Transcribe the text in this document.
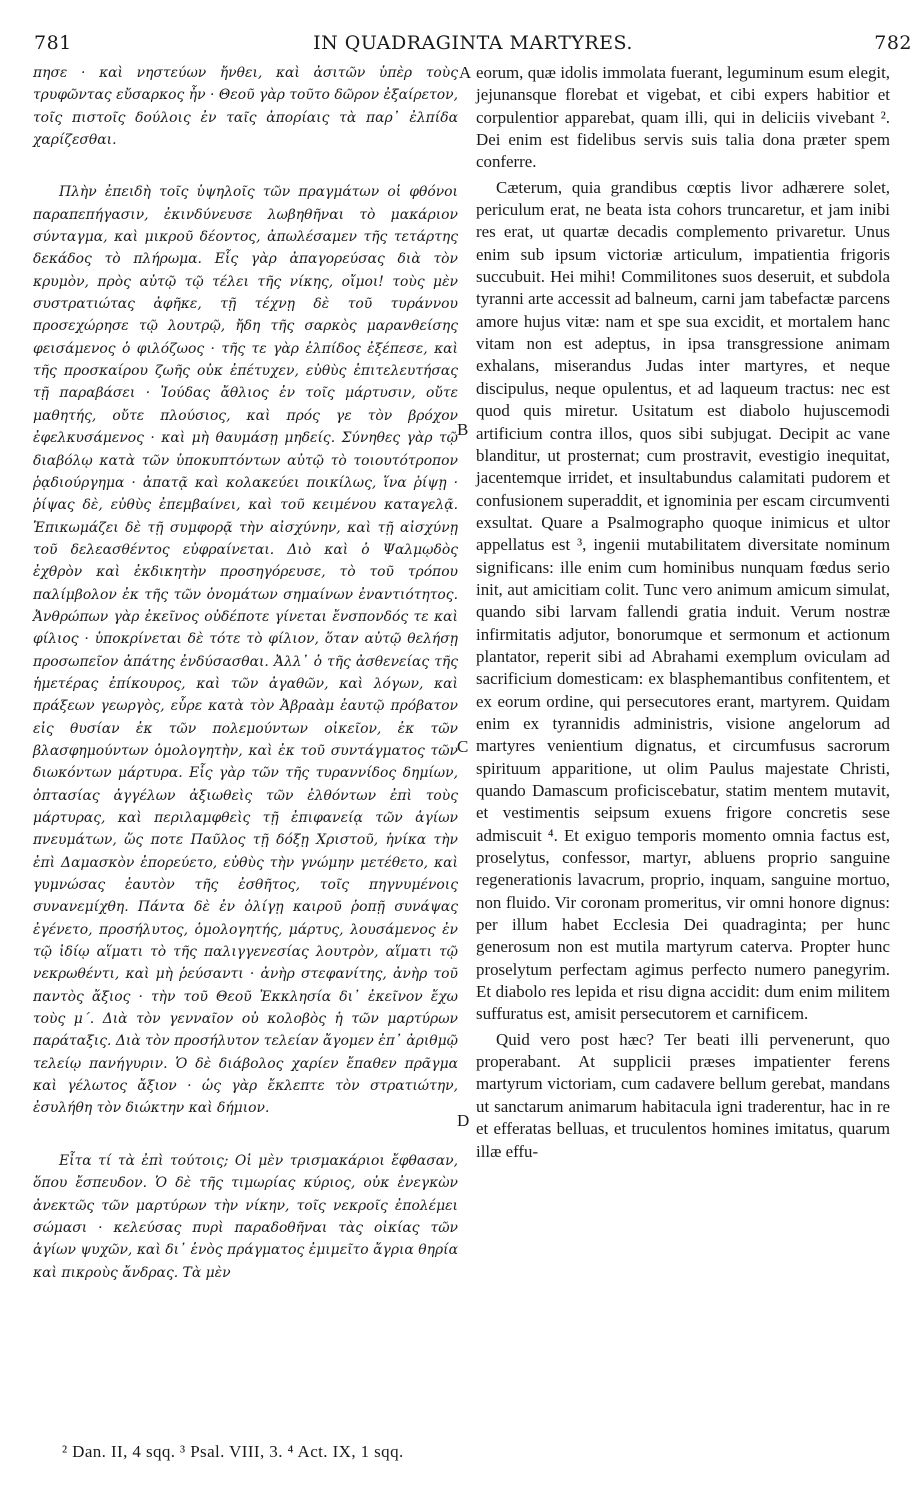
781	IN QUADRAGINTA MARTYRES.	782

πησε · καὶ νηστεύων ἤνθει, καὶ ἀσιτῶν ὑπὲρ τοὺς τρυφῶντας εὔσαρκος ἦν · Θεοῦ γὰρ τοῦτο δῶρον ἐξαίρετον, τοῖς πιστοῖς δούλοις ἐν ταῖς ἀπορίαις τὰ παρ᾿ ἐλπίδα χαρίζεσθαι.

Πλὴν ἐπειδὴ τοῖς ὑψηλοῖς τῶν πραγμάτων οἱ φθόνοι παραπεπήγασιν, ἐκινδύνευσε λωβηθῆναι τὸ μακάριον σύνταγμα, καὶ μικροῦ δέοντος, ἀπωλέσαμεν τῆς τετάρτης δεκάδος τὸ πλήρωμα. Εἷς γὰρ ἀπαγορεύσας διὰ τὸν κρυμὸν, πρὸς αὐτῷ τῷ τέλει τῆς νίκης, οἴμοι! τοὺς μὲν συστρατιώτας ἀφῆκε, τῇ τέχνῃ δὲ τοῦ τυράννου προσεχώρησε τῷ λουτρῷ, ἤδη τῆς σαρκὸς μαρανθείσης φεισάμενος ὁ φιλόζωος · τῆς τε γὰρ ἐλπίδος ἐξέπεσε, καὶ τῆς προσκαίρου ζωῆς οὐκ ἐπέτυχεν, εὐθὺς ἐπιτελευτήσας τῇ παραβάσει · Ἰούδας ἄθλιος ἐν τοῖς μάρτυσιν, οὔτε μαθητής, οὔτε πλούσιος, καὶ πρός γε τὸν βρόχον ἐφελκυσάμενος · καὶ μὴ θαυμάσῃ μηδείς. Σύνηθες γὰρ τῷ διαβόλῳ κατὰ τῶν ὑποκυπτόντων αὐτῷ τὸ τοιουτότροπον ῥᾳδιούργημα · ἀπατᾷ καὶ κολακεύει ποικίλως, ἵνα ῥίψῃ · ῥίψας δὲ, εὐθὺς ἐπεμβαίνει, καὶ τοῦ κειμένου καταγελᾷ. Ἐπικωμάζει δὲ τῇ συμφορᾷ τὴν αἰσχύνην, καὶ τῇ αἰσχύνῃ τοῦ δελεασθέντος εὐφραίνεται. Διὸ καὶ ὁ Ψαλμῳδὸς ἐχθρὸν καὶ ἐκδικητὴν προσηγόρευσε, τὸ τοῦ τρόπου παλίμβολον ἐκ τῆς τῶν ὀνομάτων σημαίνων ἐναντιότητος. Ἀνθρώπων γὰρ ἐκεῖνος οὐδέποτε γίνεται ἔνσπονδός τε καὶ φίλιος · ὑποκρίνεται δὲ τότε τὸ φίλιον, ὅταν αὐτῷ θελήσῃ προσωπεῖον ἀπάτης ἐνδύσασθαι. Ἀλλ᾿ ὁ τῆς ἀσθενείας τῆς ἡμετέρας ἐπίκουρος, καὶ τῶν ἀγαθῶν, καὶ λόγων, καὶ πράξεων γεωργὸς, εὗρε κατὰ τὸν Ἀβραὰμ ἑαυτῷ πρόβατον εἰς θυσίαν ἐκ τῶν πολεμούντων οἰκεῖον, ἐκ τῶν βλασφημούντων ὁμολογητὴν, καὶ ἐκ τοῦ συντάγματος τῶν διωκόντων μάρτυρα. Εἷς γὰρ τῶν τῆς τυραννίδος δημίων, ὀπτασίας ἀγγέλων ἀξιωθεὶς τῶν ἐλθόντων ἐπὶ τοὺς μάρτυρας, καὶ περιλαμφθεὶς τῇ ἐπιφανείᾳ τῶν ἁγίων πνευμάτων, ὥς ποτε Παῦλος τῇ δόξῃ Χριστοῦ, ἡνίκα τὴν ἐπὶ Δαμασκὸν ἐπορεύετο, εὐθὺς τὴν γνώμην μετέθετο, καὶ γυμνώσας ἑαυτὸν τῆς ἐσθῆτος, τοῖς πηγνυμένοις συνανεμίχθη. Πάντα δὲ ἐν ὀλίγῃ καιροῦ ῥοπῇ συνάψας ἐγένετο, προσήλυτος, ὁμολογητής, μάρτυς, λουσάμενος ἐν τῷ ἰδίῳ αἵματι τὸ τῆς παλιγγενεσίας λουτρὸν, αἵματι τῷ νεκρωθέντι, καὶ μὴ ῥεύσαντι · ἀνὴρ στεφανίτης, ἀνὴρ τοῦ παντὸς ἄξιος · τὴν τοῦ Θεοῦ Ἐκκλησία δι᾿ ἐκεῖνον ἔχω τοὺς μ΄. Διὰ τὸν γενναῖον οὐ κολοβὸς ἡ τῶν μαρτύρων παράταξις. Διὰ τὸν προσήλυτον τελείαν ἄγομεν ἐπ᾿ ἀριθμῷ τελείῳ πανήγυριν. Ὁ δὲ διάβολος χαρίεν ἔπαθεν πρᾶγμα καὶ γέλωτος ἄξιον · ὡς γὰρ ἔκλεπτε τὸν στρατιώτην, ἐσυλήθη τὸν διώκτην καὶ δήμιον.

Εἶτα τί τὰ ἐπὶ τούτοις; Οἱ μὲν τρισμακάριοι ἔφθασαν, ὅπου ἔσπευδον. Ὁ δὲ τῆς τιμωρίας κύριος, οὐκ ἐνεγκὼν ἀνεκτῶς τῶν μαρτύρων τὴν νίκην, τοῖς νεκροῖς ἐπολέμει σώμασι · κελεύσας πυρὶ παραδοθῆναι τὰς οἰκίας τῶν ἁγίων ψυχῶν, καὶ δι᾿ ἑνὸς πράγματος ἐμιμεῖτο ἄγρια θηρία καὶ πικροὺς ἄνδρας. Τὰ μὲν

A
B
C
D

eorum, quæ idolis immolata fuerant, leguminum esum elegit, jejunansque florebat et vigebat, et cibi expers habitior et corpulentior apparebat, quam illi, qui in deliciis vivebant ². Dei enim est fidelibus servis suis talia dona præter spem conferre.

Cæterum, quia grandibus cœptis livor adhærere solet, periculum erat, ne beata ista cohors truncaretur, et jam inibi res erat, ut quartæ decadis complemento privaretur. Unus enim sub ipsum victoriæ articulum, impatientia frigoris succubuit. Hei mihi! Commilitones suos deseruit, et subdola tyranni arte accessit ad balneum, carni jam tabefactæ parcens amore hujus vitæ: nam et spe sua excidit, et mortalem hanc vitam non est adeptus, in ipsa transgressione animam exhalans, miserandus Judas inter martyres, et neque discipulus, neque opulentus, et ad laqueum tractus: nec est quod quis miretur. Usitatum est diabolo hujuscemodi artificium contra illos, quos sibi subjugat. Decipit ac vane blanditur, ut prosternat; cum prostravit, evestigio inequitat, jacentemque irridet, et insultabundus calamitati pudorem et confusionem superaddit, et ignominia per escam circumventi exsultat. Quare a Psalmographo quoque inimicus et ultor appellatus est ³, ingenii mutabilitatem diversitate nominum significans: ille enim cum hominibus nunquam fœdus serio init, aut amicitiam colit. Tunc vero animum amicum simulat, quando sibi larvam fallendi gratia induit. Verum nostræ infirmitatis adjutor, bonorumque et sermonum et actionum plantator, reperit sibi ad Abrahami exemplum oviculam ad sacrificium domesticam: ex blasphemantibus confitentem, et ex eorum ordine, qui persecutores erant, martyrem. Quidam enim ex tyrannidis administris, visione angelorum ad martyres venientium dignatus, et circumfusus sacrorum spirituum apparitione, ut olim Paulus majestate Christi, quando Damascum proficiscebatur, statim mentem mutavit, et vestimentis seipsum exuens frigore concretis sese admiscuit ⁴. Et exiguo temporis momento omnia factus est, proselytus, confessor, martyr, abluens proprio sanguine regenerationis lavacrum, proprio, inquam, sanguine mortuo, non fluido. Vir coronam promeritus, vir omni honore dignus: per illum habet Ecclesia Dei quadraginta; per hunc generosum non est mutila martyrum caterva. Propter hunc proselytum perfectam agimus perfecto numero panegyrim. Et diabolo res lepida et risu digna accidit: dum enim militem suffuratus est, amisit persecutorem et carnificem.

Quid vero post hæc? Ter beati illi pervenerunt, quo properabant. At supplicii præses impatienter ferens martyrum victoriam, cum cadavere bellum gerebat, mandans ut sanctarum animarum habitacula igni traderentur, hac in re et efferatas belluas, et truculentos homines imitatus, quarum illæ effu-

² Dan. II, 4 sqq. ³ Psal. VIII, 3. ⁴ Act. IX, 1 sqq.
